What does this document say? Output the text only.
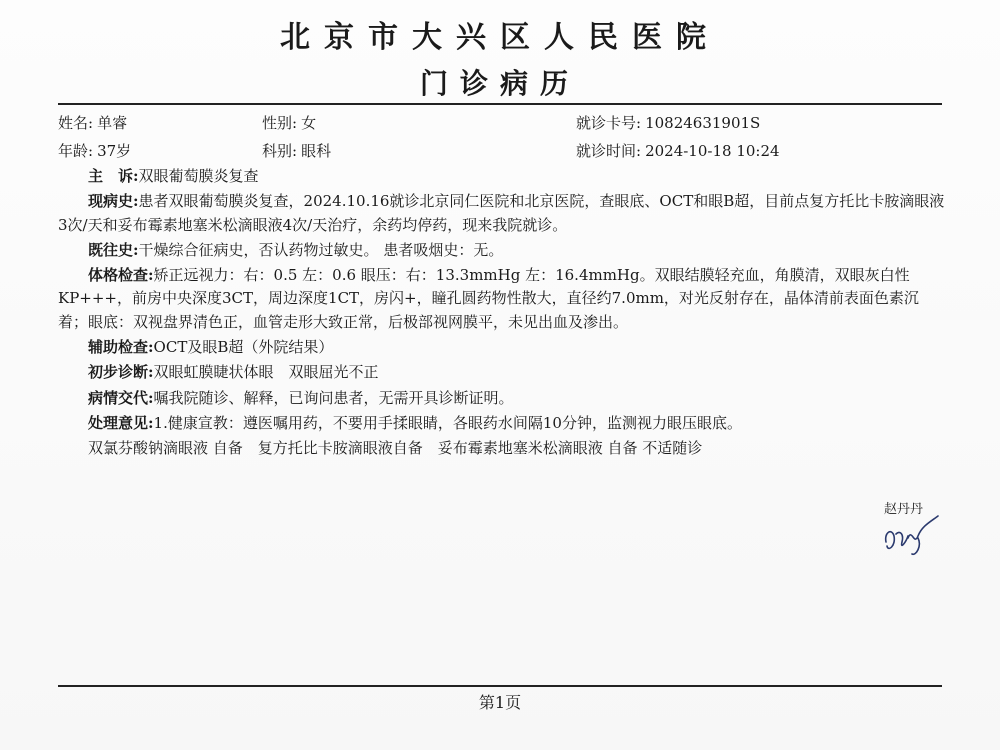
北京市大兴区人民医院
门诊病历
姓名: 单睿	性别: 女	就诊卡号: 10824631901S
年龄: 37岁	科别: 眼科	就诊时间: 2024-10-18 10:24

主　诉:双眼葡萄膜炎复查

现病史:患者双眼葡萄膜炎复查，2024.10.16就诊北京同仁医院和北京医院，查眼底、OCT和眼B超，目前点复方托比卡胺滴眼液3次/天和妥布霉素地塞米松滴眼液4次/天治疗，余药均停药，现来我院就诊。

既往史:干燥综合征病史，否认药物过敏史。 患者吸烟史：无。

体格检查:矫正远视力：右：0.5 左：0.6 眼压：右：13.3mmHg 左：16.4mmHg。双眼结膜轻充血，角膜清，双眼灰白性KP+++，前房中央深度3CT，周边深度1CT，房闪+，瞳孔圆药物性散大，直径约7.0mm，对光反射存在，晶体清前表面色素沉着；眼底：双视盘界清色正，血管走形大致正常，后极部视网膜平，未见出血及渗出。

辅助检查:OCT及眼B超（外院结果）

初步诊断:双眼虹膜睫状体眼　双眼屈光不正

病情交代:嘱我院随诊、解释，已询问患者，无需开具诊断证明。

处理意见:1.健康宣教：遵医嘱用药，不要用手揉眼睛，各眼药水间隔10分钟，监测视力眼压眼底。

双氯芬酸钠滴眼液 自备　复方托比卡胺滴眼液自备　妥布霉素地塞米松滴眼液 自备 不适随诊

赵丹丹
第1页
